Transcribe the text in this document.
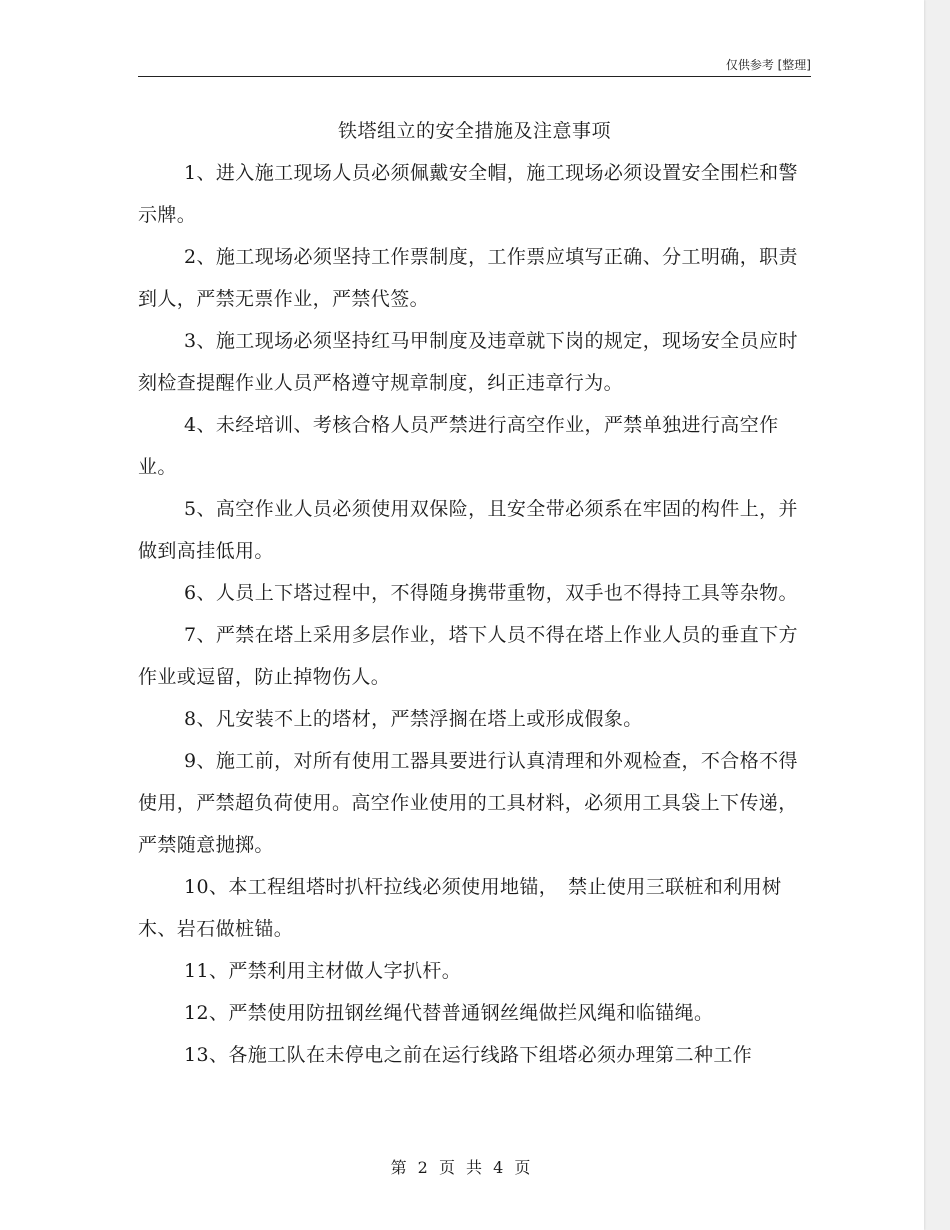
仅供参考 [整理]
铁塔组立的安全措施及注意事项

1、进入施工现场人员必须佩戴安全帽，施工现场必须设置安全围栏和警示牌。

2、施工现场必须坚持工作票制度，工作票应填写正确、分工明确，职责到人，严禁无票作业，严禁代签。

3、施工现场必须坚持红马甲制度及违章就下岗的规定，现场安全员应时刻检查提醒作业人员严格遵守规章制度，纠正违章行为。

4、未经培训、考核合格人员严禁进行高空作业，严禁单独进行高空作业。

5、高空作业人员必须使用双保险，且安全带必须系在牢固的构件上，并做到高挂低用。

6、人员上下塔过程中，不得随身携带重物，双手也不得持工具等杂物。

7、严禁在塔上采用多层作业，塔下人员不得在塔上作业人员的垂直下方作业或逗留，防止掉物伤人。

8、凡安装不上的塔材，严禁浮搁在塔上或形成假象。

9、施工前，对所有使用工器具要进行认真清理和外观检查，不合格不得使用，严禁超负荷使用。高空作业使用的工具材料，必须用工具袋上下传递，严禁随意抛掷。

10、本工程组塔时扒杆拉线必须使用地锚，　禁止使用三联桩和利用树木、岩石做桩锚。

11、严禁利用主材做人字扒杆。

12、严禁使用防扭钢丝绳代替普通钢丝绳做拦风绳和临锚绳。

13、各施工队在未停电之前在运行线路下组塔必须办理第二种工作

第 2 页 共 4 页
